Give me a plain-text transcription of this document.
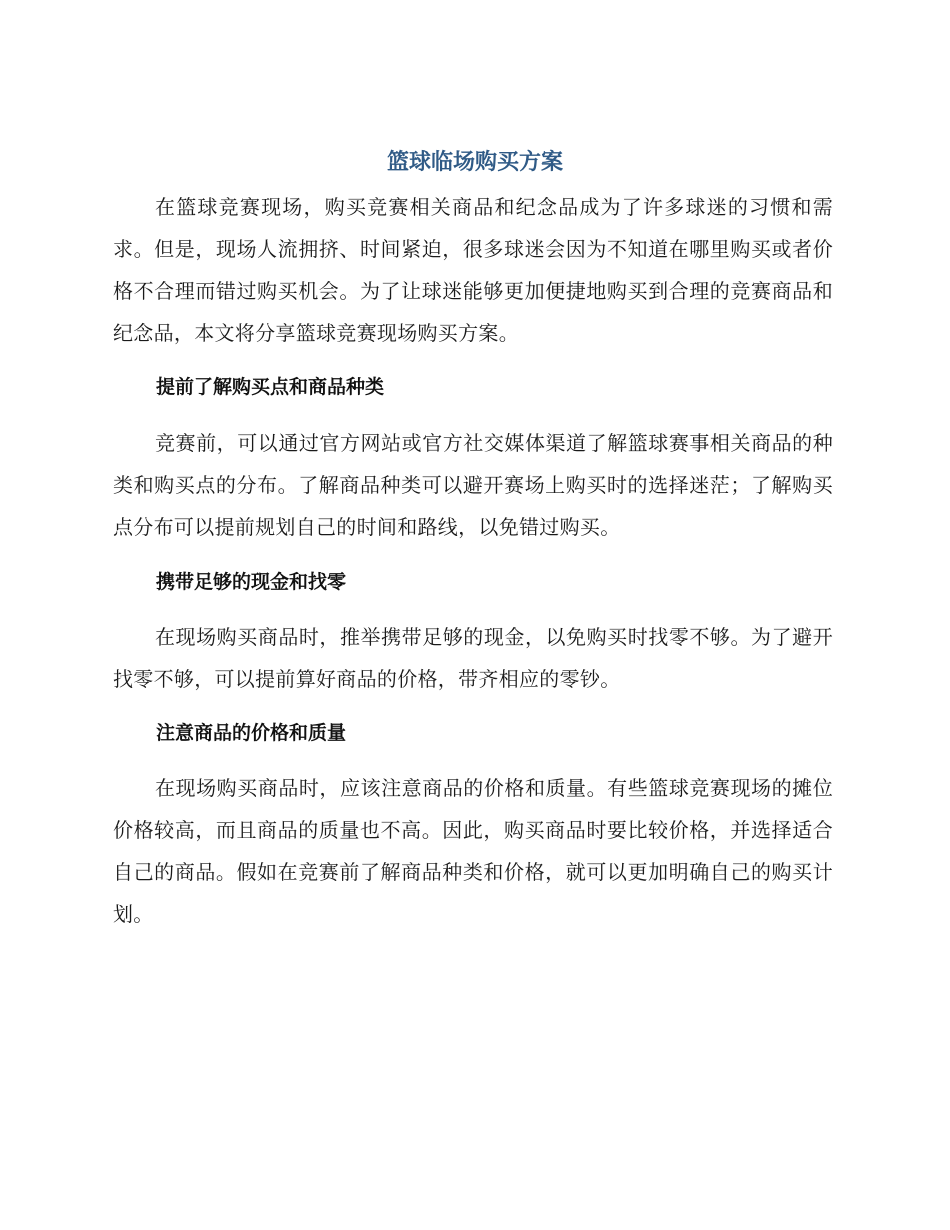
篮球临场购买方案

在篮球竞赛现场，购买竞赛相关商品和纪念品成为了许多球迷的习惯和需求。但是，现场人流拥挤、时间紧迫，很多球迷会因为不知道在哪里购买或者价格不合理而错过购买机会。为了让球迷能够更加便捷地购买到合理的竞赛商品和纪念品，本文将分享篮球竞赛现场购买方案。

提前了解购买点和商品种类

竞赛前，可以通过官方网站或官方社交媒体渠道了解篮球赛事相关商品的种类和购买点的分布。了解商品种类可以避开赛场上购买时的选择迷茫；了解购买点分布可以提前规划自己的时间和路线，以免错过购买。

携带足够的现金和找零

在现场购买商品时，推举携带足够的现金，以免购买时找零不够。为了避开找零不够，可以提前算好商品的价格，带齐相应的零钞。

注意商品的价格和质量

在现场购买商品时，应该注意商品的价格和质量。有些篮球竞赛现场的摊位价格较高，而且商品的质量也不高。因此，购买商品时要比较价格，并选择适合自己的商品。假如在竞赛前了解商品种类和价格，就可以更加明确自己的购买计划。
